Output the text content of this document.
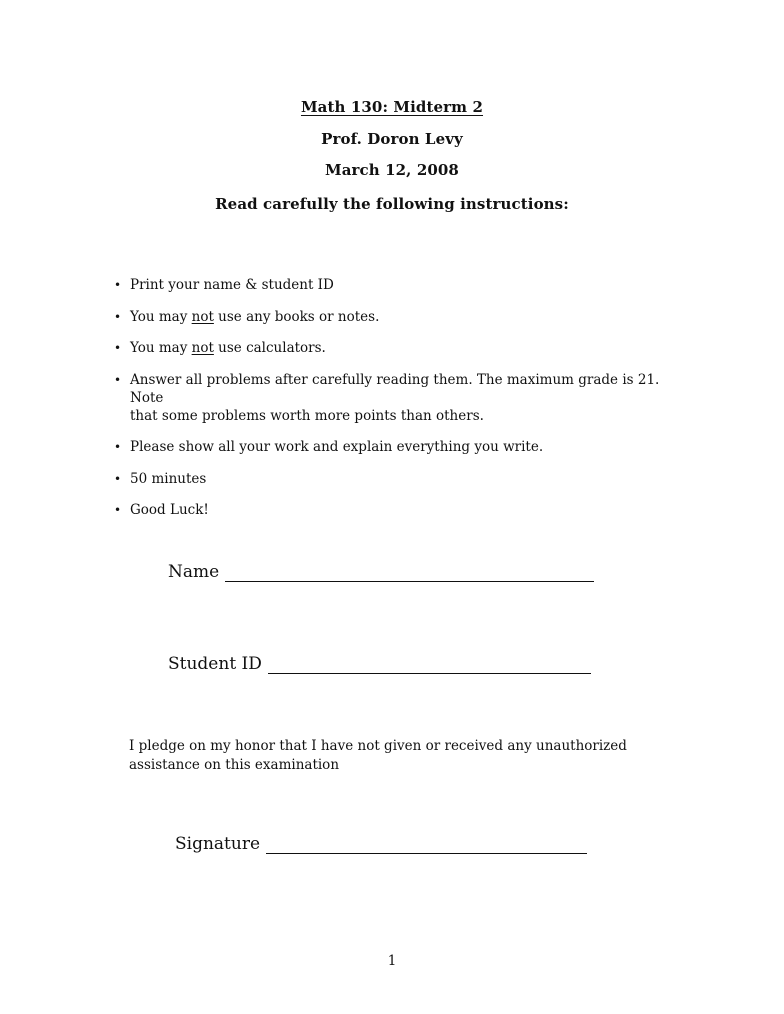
Math 130: Midterm 2
Prof. Doron Levy
March 12, 2008
Read carefully the following instructions:
• Print your name & student ID
• You may not use any books or notes.
• You may not use calculators.
• Answer all problems after carefully reading them. The maximum grade is 21. Note
that some problems worth more points than others.
• Please show all your work and explain everything you write.
• 50 minutes
• Good Luck!
Name
Student ID
I pledge on my honor that I have not given or received any unauthorized
assistance on this examination
Signature
1
